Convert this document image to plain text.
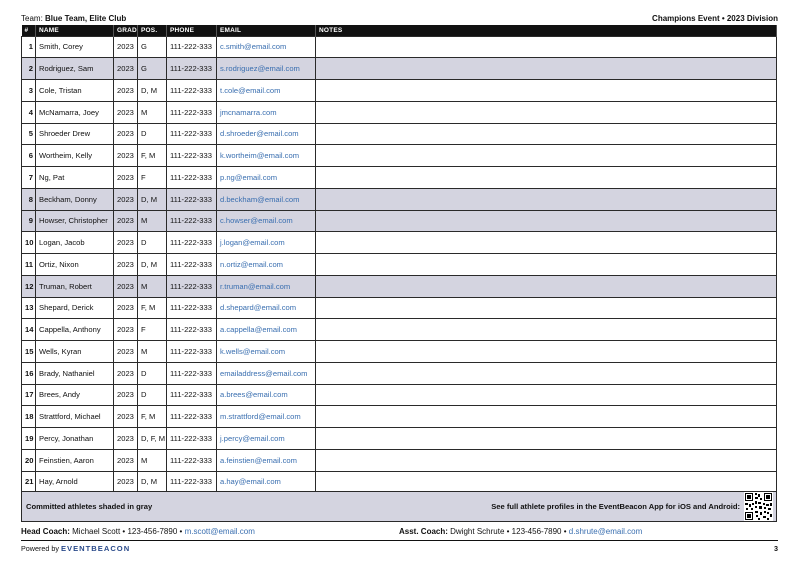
Team: Blue Team, Elite Club	Champions Event • 2023 Division
#	NAME	GRAD	POS.	PHONE	EMAIL	NOTES
1	Smith, Corey	2023	G	111-222-333	c.smith@email.com	
2	Rodriguez, Sam	2023	G	111-222-333	s.rodriguez@email.com	
3	Cole, Tristan	2023	D, M	111-222-333	t.cole@email.com	
4	McNamarra, Joey	2023	M	111-222-333	jmcnamarra.com	
5	Shroeder Drew	2023	D	111-222-333	d.shroeder@email.com	
6	Wortheim, Kelly	2023	F, M	111-222-333	k.wortheim@email.com	
7	Ng, Pat	2023	F	111-222-333	p.ng@email.com	
8	Beckham, Donny	2023	D, M	111-222-333	d.beckham@email.com	
9	Howser, Christopher	2023	M	111-222-333	c.howser@email.com	
10	Logan, Jacob	2023	D	111-222-333	j.logan@email.com	
11	Ortiz, Nixon	2023	D, M	111-222-333	n.ortiz@email.com	
12	Truman, Robert	2023	M	111-222-333	r.truman@email.com	
13	Shepard, Derick	2023	F, M	111-222-333	d.shepard@email.com	
14	Cappella, Anthony	2023	F	111-222-333	a.cappella@email.com	
15	Wells, Kyran	2023	M	111-222-333	k.wells@email.com	
16	Brady, Nathaniel	2023	D	111-222-333	emailaddress@email.com	
17	Brees, Andy	2023	D	111-222-333	a.brees@email.com	
18	Strattford, Michael	2023	F, M	111-222-333	m.strattford@email.com	
19	Percy, Jonathan	2023	D, F, M	111-222-333	j.percy@email.com	
20	Feinstien, Aaron	2023	M	111-222-333	a.feinstien@email.com	
21	Hay, Arnold	2023	D, M	111-222-333	a.hay@email.com	
Committed athletes shaded in gray	See full athlete profiles in the EventBeacon App for iOS and Android:
Head Coach: Michael Scott • 123-456-7890 • m.scott@email.com	Asst. Coach: Dwight Schrute • 123-456-7890 • d.shrute@email.com
Powered by EVENTBEACON	3
